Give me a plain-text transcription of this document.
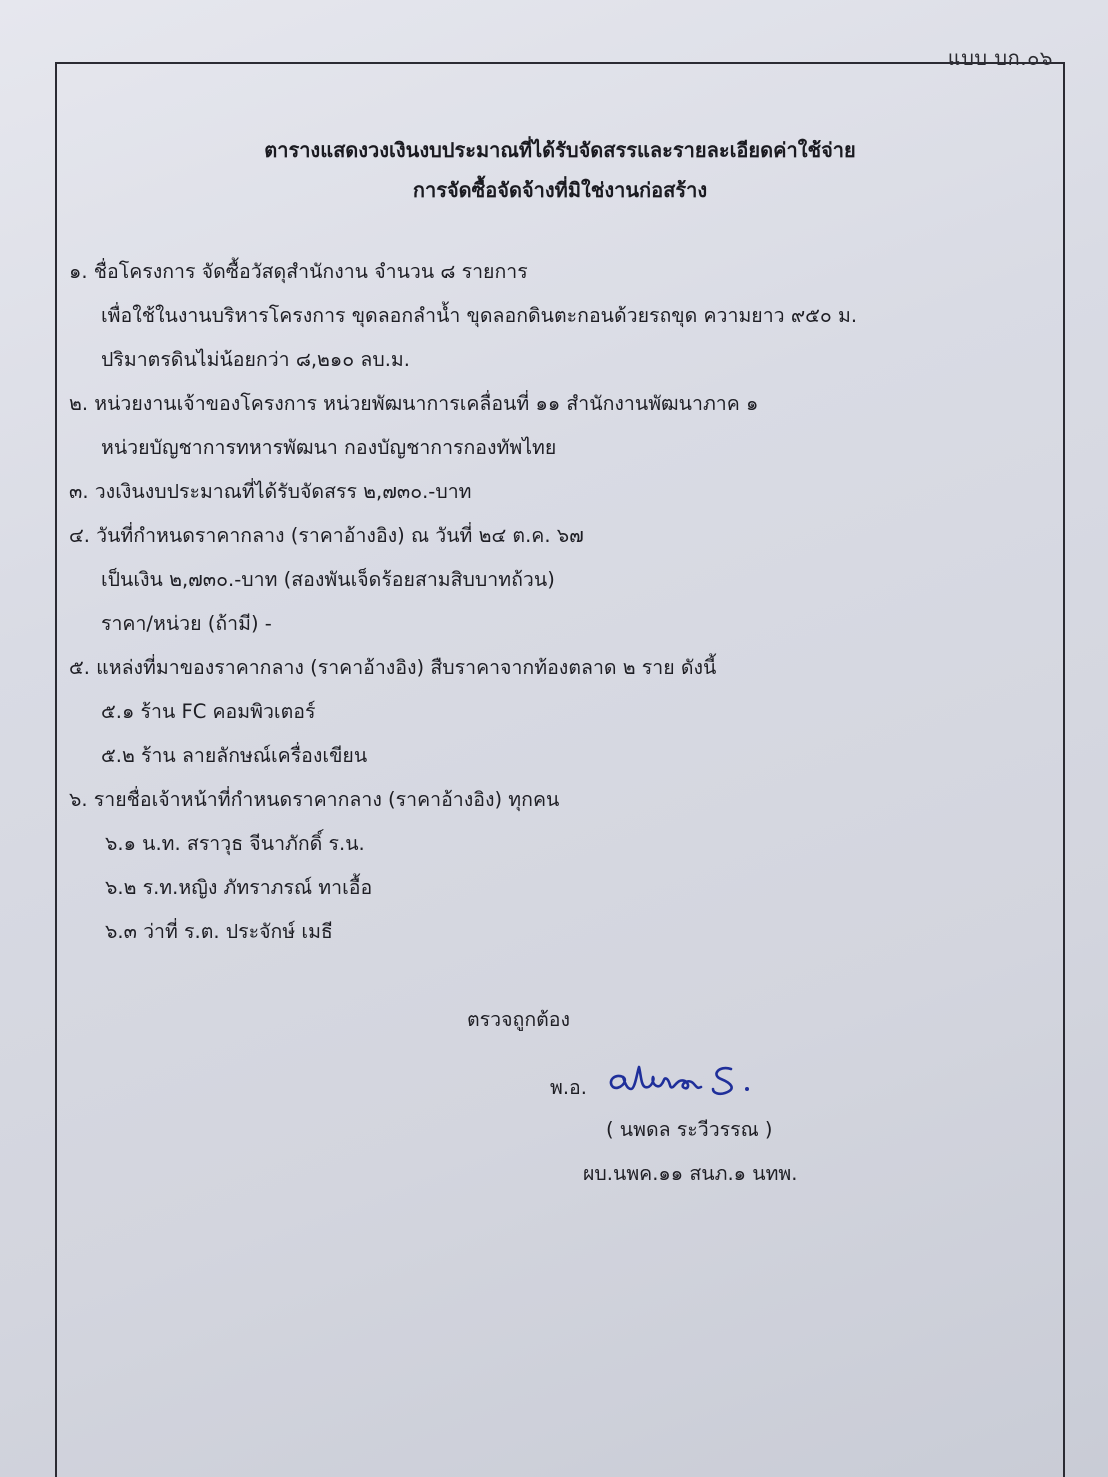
แบบ บก.๐๖
ตารางแสดงวงเงินงบประมาณที่ได้รับจัดสรรและรายละเอียดค่าใช้จ่าย
การจัดซื้อจัดจ้างที่มิใช่งานก่อสร้าง
๑. ชื่อโครงการ จัดซื้อวัสดุสำนักงาน จำนวน ๘ รายการ
เพื่อใช้ในงานบริหารโครงการ ขุดลอกลำน้ำ ขุดลอกดินตะกอนด้วยรถขุด ความยาว ๙๕๐ ม.
ปริมาตรดินไม่น้อยกว่า ๘,๒๑๐ ลบ.ม.
๒. หน่วยงานเจ้าของโครงการ หน่วยพัฒนาการเคลื่อนที่ ๑๑ สำนักงานพัฒนาภาค ๑
หน่วยบัญชาการทหารพัฒนา กองบัญชาการกองทัพไทย
๓. วงเงินงบประมาณที่ได้รับจัดสรร ๒,๗๓๐.-บาท
๔. วันที่กำหนดราคากลาง (ราคาอ้างอิง) ณ วันที่ ๒๔ ต.ค. ๖๗
เป็นเงิน ๒,๗๓๐.-บาท (สองพันเจ็ดร้อยสามสิบบาทถ้วน)
ราคา/หน่วย (ถ้ามี) -
๕. แหล่งที่มาของราคากลาง (ราคาอ้างอิง) สืบราคาจากท้องตลาด ๒ ราย ดังนี้
๕.๑ ร้าน FC คอมพิวเตอร์
๕.๒ ร้าน ลายลักษณ์เครื่องเขียน
๖. รายชื่อเจ้าหน้าที่กำหนดราคากลาง (ราคาอ้างอิง) ทุกคน
๖.๑ น.ท. สราวุธ จีนาภักดิ์ ร.น.
๖.๒ ร.ท.หญิง ภัทราภรณ์ ทาเอื้อ
๖.๓ ว่าที่ ร.ต. ประจักษ์ เมธี
ตรวจถูกต้อง
พ.อ.
( นพดล ระวีวรรณ )
ผบ.นพค.๑๑ สนภ.๑ นทพ.
